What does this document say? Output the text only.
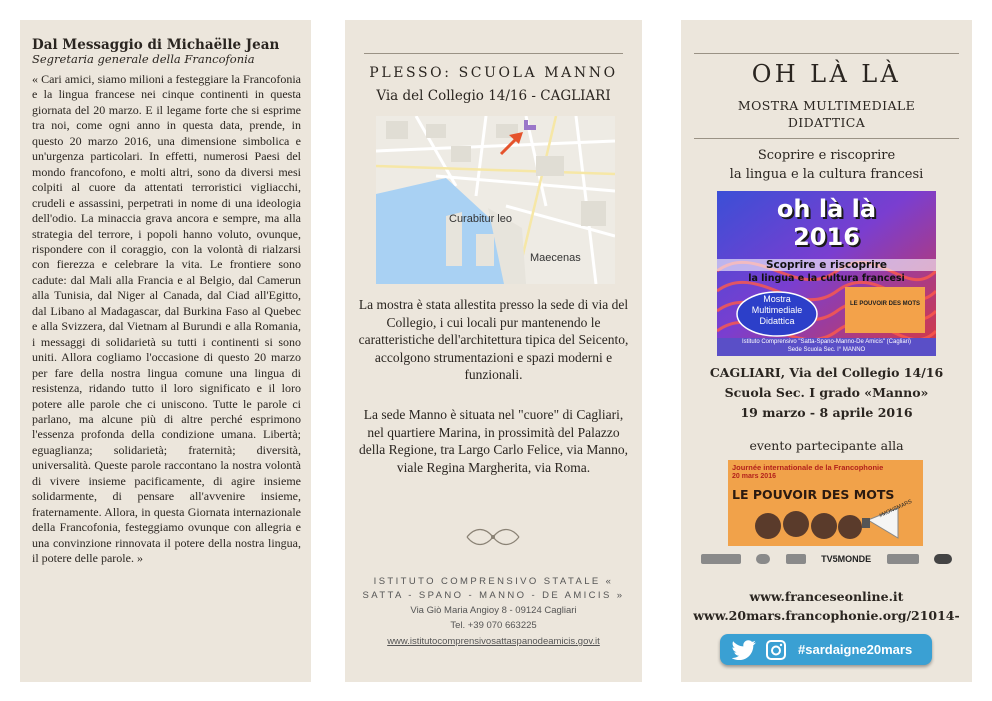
Dal Messaggio di Michaëlle Jean

Segretaria generale della Francofonia

« Cari amici, siamo milioni a festeggiare la Francofonia e la lingua francese nei cinque continenti in questa giornata del 20 marzo. E il legame forte che si esprime tra noi, come ogni anno in questa data, prende, in questo 20 marzo 2016, una dimensione simbolica e un'urgenza particolari. In effetti, numerosi Paesi del mondo francofono, e molti altri, sono da diversi mesi colpiti al cuore da attentati terroristici vigliacchi, crudeli e assassini, perpetrati in nome di una ideologia dell'odio. La minaccia grava ancora e sempre, ma alla strategia del terrore, i popoli hanno voluto, ovunque, rispondere con il coraggio, con la volontà di rialzarsi con fierezza e celebrare la vita. Le frontiere sono cadute: dal Mali alla Francia e al Belgio, dal Camerun alla Tunisia, dal Niger al Canada, dal Ciad all'Egitto, dal Libano al Madagascar, dal Burkina Faso al Quebec e alla Svizzera, dal Vietnam al Burundi e alla Romania, i messaggi di solidarietà su tutti i continenti si sono uniti. Allora cogliamo l'occasione di questo 20 marzo per fare della nostra lingua comune una lingua di resistenza, ridando tutto il loro significato e il loro potere alle parole che ci uniscono. Tutte le parole ci parlano, ma alcune più di altre perché esprimono l'essenza profonda della condizione umana. Libertà; eguaglianza; solidarietà; fraternità; diversità, universalità. Queste parole raccontano la nostra volontà di vivere insieme pacificamente, di agire insieme solidarmente, di pensare all'avvenire insieme, fraternamente. Allora, in questa Giornata internazionale della Francofonia, festeggiamo ovunque con allegria e una convinzione rinnovata il potere della nostra lingua, il potere delle parole. »

PLESSO: SCUOLA MANNO
Via del Collegio 14/16 - CAGLIARI
Curabitur leo
Maecenas

La mostra è stata allestita presso la sede di via del Collegio, i cui locali pur mantenendo le caratteristiche dell'architettura tipica del Seicento, accolgono strumentazioni e spazi moderni e funzionali.

La sede Manno è situata nel "cuore" di Cagliari, nel quartiere Marina, in prossimità del Palazzo della Regione, tra Largo Carlo Felice, via Manno, viale Regina Margherita, via Roma.

ISTITUTO COMPRENSIVO STATALE « SATTA - SPANO - MANNO - DE AMICIS »
Via Giò Maria Angioy 8 - 09124 Cagliari
Tel. +39 070 663225
www.istitutocomprensivosattaspanodeamicis.gov.it
OH LÀ LÀ
MOSTRA MULTIMEDIALE DIDATTICA
Scoprire e riscoprire
la lingua e la cultura francesi
oh là là
2016
Scoprire e riscoprire
la lingua e la cultura francesi
Mostra
Multimediale
Didattica
LE POUVOIR DES MOTS
Istituto Comprensivo "Satta-Spano-Manno-De Amicis" (Cagliari)
Sede Scuola Sec. I° MANNO
CAGLIARI, Via del Collegio 14/16
Scuola Sec. I grado «Manno»
19 marzo - 8 aprile 2016
evento partecipante alla
Journée internationale de la Francophonie
20 mars 2016
LE POUVOIR DES MOTS
#MONSMARS
TV5MONDE
www.franceseonline.it
www.20mars.francophonie.org/21014-
#sardaigne20mars
